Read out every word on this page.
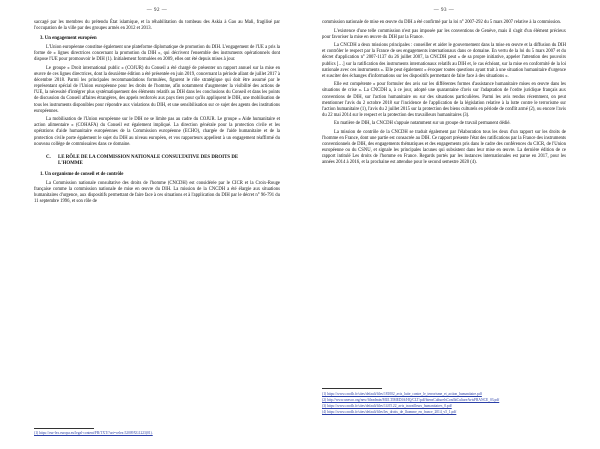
— 92 —

saccagé par les membres du prétendu État islamique, et la réhabilitation du tombeau des Askia à Gao au Mali, fragilisé par l'occupation de la ville par des groupes armés en 2012 et 2013.

3. Un engagement européen

L'Union européenne constitue également une plateforme diplomatique de promotion du DIH. L'engagement de l'UE a pris la forme de « lignes directrices concernant la promotion du DIH », qui décrivent l'ensemble des instruments opérationnels dont dispose l'UE pour promouvoir le DIH (1). Initialement formulées en 2009, elles ont été depuis mises à jour.

Le groupe « Droit international public » (COJUR) du Conseil a été chargé de présenter un rapport annuel sur la mise en œuvre de ces lignes directrices, dont la deuxième édition a été présentée en juin 2019, concernant la période allant de juillet 2017 à décembre 2018. Parmi les principales recommandations formulées, figurent le rôle stratégique qui doit être assumé par le représentant spécial de l'Union européenne pour les droits de l'homme, afin notamment d'augmenter la visibilité des actions de l'UE, la nécessité d'intégrer plus systématiquement des éléments relatifs au DIH dans les conclusions du Conseil et dans les points de discussion du Conseil affaires étrangères, des appels renforcés aux pays tiers pour qu'ils appliquent le DIH, une mobilisation de tous les instruments disponibles pour répondre aux violations du DIH, et une sensibilisation sur ce sujet des agents des institutions européennes.

La mobilisation de l'Union européenne sur le DIH ne se limite pas au cadre du COJUR. Le groupe « Aide humanitaire et action alimentaire » (COHAFA) du Conseil est également impliqué. La direction générale pour la protection civile et les opérations d'aide humanitaire européennes de la Commission européenne (ECHO), chargée de l'aide humanitaire et de la protection civile porte également le sujet du DIH au niveau européen, et vos rapporteurs appellent à un engagement réaffirmé du nouveau collège de commissaires dans ce domaine.

C. LE RÔLE DE LA COMMISSION NATIONALE CONSULTATIVE DES DROITS DE L'HOMME
1. Un organisme de conseil et de contrôle

La Commission nationale consultative des droits de l'homme (CNCDH) est considérée par le CICR et la Croix-Rouge française comme la commission nationale de mise en œuvre du DIH. La mission de la CNCDH a été élargie aux situations humanitaires d'urgence, aux dispositifs permettant de faire face à ces situations et à l'application du DIH par le décret n° 96-791 du 11 septembre 1996, et son rôle de

(1) https://eur-lex.europa.eu/legal-content/FR/TXT/?uri=celex:52009XG1223(01).
— 93 —

commission nationale de mise en œuvre du DIH a été confirmé par la loi n° 2007-292 du 5 mars 2007 relative à la commission.

L'existence d'une telle commission n'est pas imposée par les conventions de Genève, mais il s'agit d'un élément précieux pour favoriser la mise en œuvre du DIH par la France.

La CNCDH a deux missions principales : conseiller et aider le gouvernement dans la mise en œuvre et la diffusion du DIH et contrôler le respect par la France de ses engagements internationaux dans ce domaine. En vertu de la loi du 5 mars 2007 et du décret d'application n° 2007-1137 du 26 juillet 2007, la CNCDH peut « de sa propre initiative, appeler l'attention des pouvoirs publics […] sur la ratification des instruments internationaux relatifs au DIH et, le cas échéant, sur la mise en conformité de la loi nationale avec ces instruments ». Elle peut également « évoquer toutes questions ayant trait à une situation humanitaire d'urgence et susciter des échanges d'informations sur les dispositifs permettant de faire face à des situations ».

Elle est compétente « pour formuler des avis sur les différentes formes d'assistance humanitaire mises en œuvre dans les situations de crise ». La CNCDH a, à ce jour, adopté une quarantaine d'avis sur l'adaptation de l'ordre juridique français aux conventions de DIH, sur l'action humanitaire ou sur des situations particulières. Parmi les avis rendus récemment, on peut mentionner l'avis du 2 octobre 2018 sur l'incidence de l'application de la législation relative à la lutte contre le terrorisme sur l'action humanitaire (1), l'avis du 2 juillet 2015 sur la protection des biens culturels en période de conflit armé (2), ou encore l'avis du 22 mai 2014 sur le respect et la protection des travailleurs humanitaires (3).

En matière de DIH, la CNCDH s'appuie notamment sur un groupe de travail permanent dédié.

La mission de contrôle de la CNCDH se traduit également par l'élaboration tous les deux d'un rapport sur les droits de l'homme en France, dont une partie est consacrée au DIH. Ce rapport présente l'état des ratifications par la France des instruments conventionnels de DIH, des engagements thématiques et des engagements pris dans le cadre des conférences du CICR, de l'Union européenne ou du CSNU, et signale les principales lacunes qui subsistent dans leur mise en œuvre. La dernière édition de ce rapport intitulé Les droits de l'homme en France. Regards portés par les instances internationales est parue en 2017, pour les années 2014 à 2016, et la prochaine est attendue pour le second semestre 2020 (4).

(1) https://www.cncdh.fr/sites/default/files/181002_avis_lutte_contre_le_terrorisme_et_action_humanitaire.pdf
(2) http://www.unesco.org/new/fileadmin/MULTIMEDIA/HQ/CLT/pdf/biensCulturelsConflitCultureAvisFRANCE_03.pdf
(3) https://www.cncdh.fr/sites/default/files/14.05.22_avis_travailleurs_humanitaires_0.pdf
(4) https://www.cncdh.fr/sites/default/files/les_droits_de_lhomme_en_france_2014_v5_1.pdf
